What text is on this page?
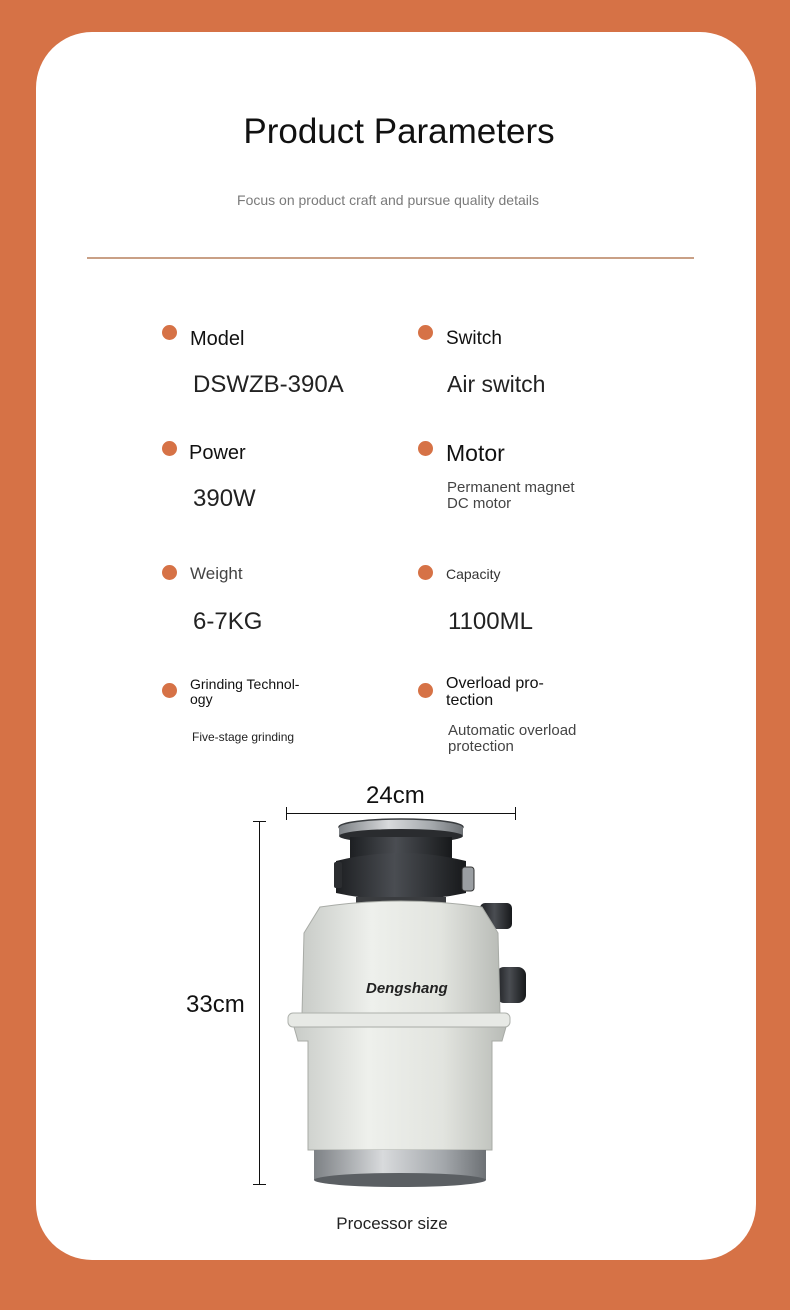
Product Parameters
Focus on product craft and pursue quality details
Model
DSWZB-390A
Switch
Air switch
Power
390W
Motor
Permanent magnet DC motor
Weight
6-7KG
Capacity
1100ML
Grinding Technol- ogy
Five-stage grinding
Overload pro- tection
Automatic overload protection
24cm
33cm
Dengshang
Processor size
